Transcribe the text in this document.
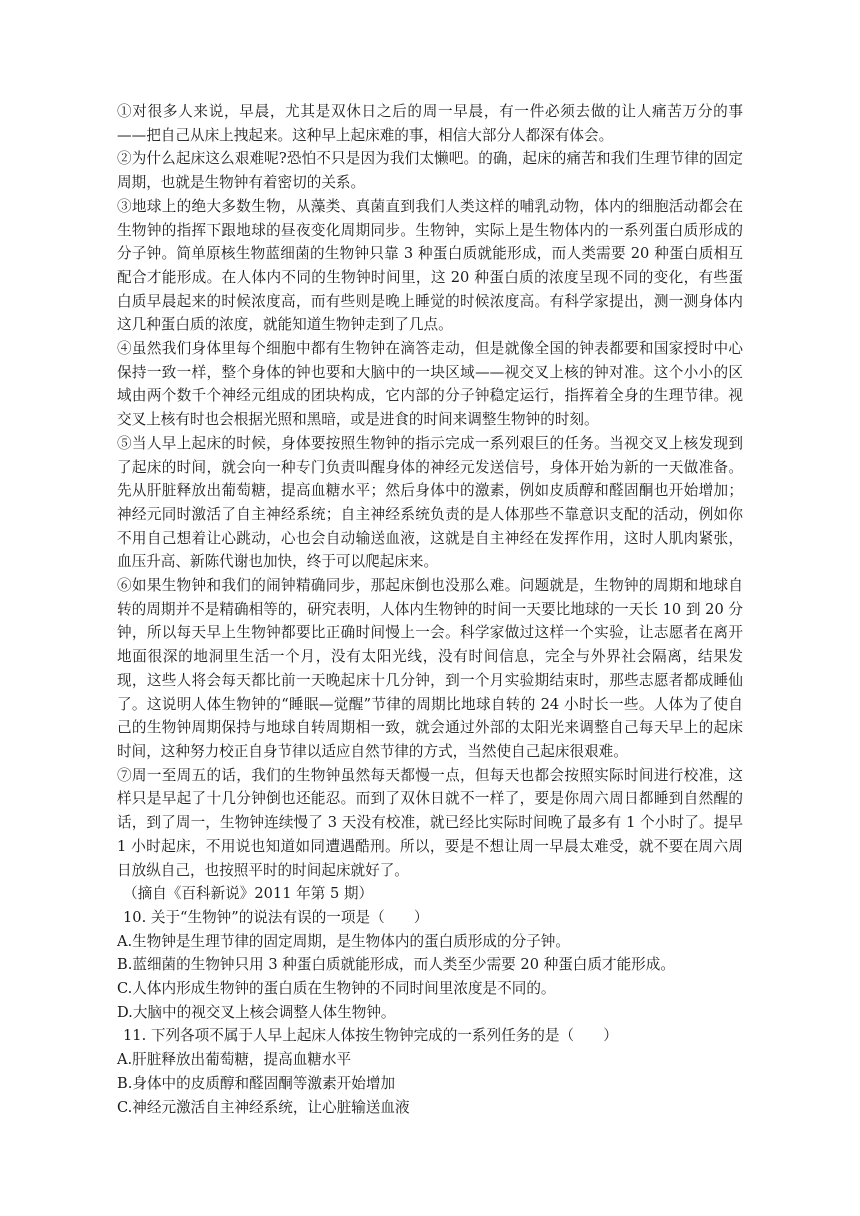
①对很多人来说，早晨，尤其是双休日之后的周一早晨，有一件必须去做的让人痛苦万分的事——把自己从床上拽起来。这种早上起床难的事，相信大部分人都深有体会。

②为什么起床这么艰难呢?恐怕不只是因为我们太懒吧。的确，起床的痛苦和我们生理节律的固定周期，也就是生物钟有着密切的关系。

③地球上的绝大多数生物，从藻类、真菌直到我们人类这样的哺乳动物，体内的细胞活动都会在生物钟的指挥下跟地球的昼夜变化周期同步。生物钟，实际上是生物体内的一系列蛋白质形成的分子钟。简单原核生物蓝细菌的生物钟只靠 3 种蛋白质就能形成，而人类需要 20 种蛋白质相互配合才能形成。在人体内不同的生物钟时间里，这 20 种蛋白质的浓度呈现不同的变化，有些蛋白质早晨起来的时候浓度高，而有些则是晚上睡觉的时候浓度高。有科学家提出，测一测身体内这几种蛋白质的浓度，就能知道生物钟走到了几点。

④虽然我们身体里每个细胞中都有生物钟在滴答走动，但是就像全国的钟表都要和国家授时中心保持一致一样，整个身体的钟也要和大脑中的一块区域——视交叉上核的钟对准。这个小小的区域由两个数千个神经元组成的团块构成，它内部的分子钟稳定运行，指挥着全身的生理节律。视交叉上核有时也会根据光照和黑暗，或是进食的时间来调整生物钟的时刻。

⑤当人早上起床的时候，身体要按照生物钟的指示完成一系列艰巨的任务。当视交叉上核发现到了起床的时间，就会向一种专门负责叫醒身体的神经元发送信号，身体开始为新的一天做准备。先从肝脏释放出葡萄糖，提高血糖水平；然后身体中的激素，例如皮质醇和醛固酮也开始增加；神经元同时激活了自主神经系统；自主神经系统负责的是人体那些不靠意识支配的活动，例如你不用自己想着让心跳动，心也会自动输送血液，这就是自主神经在发挥作用，这时人肌肉紧张，血压升高、新陈代谢也加快，终于可以爬起床来。

⑥如果生物钟和我们的闹钟精确同步，那起床倒也没那么难。问题就是，生物钟的周期和地球自转的周期并不是精确相等的，研究表明，人体内生物钟的时间一天要比地球的一天长 10 到 20 分钟，所以每天早上生物钟都要比正确时间慢上一会。科学家做过这样一个实验，让志愿者在离开地面很深的地洞里生活一个月，没有太阳光线，没有时间信息，完全与外界社会隔离，结果发现，这些人将会每天都比前一天晚起床十几分钟，到一个月实验期结束时，那些志愿者都成睡仙了。这说明人体生物钟的“睡眠—觉醒”节律的周期比地球自转的 24 小时长一些。人体为了使自己的生物钟周期保持与地球自转周期相一致，就会通过外部的太阳光来调整自己每天早上的起床时间，这种努力校正自身节律以适应自然节律的方式，当然使自己起床很艰难。

⑦周一至周五的话，我们的生物钟虽然每天都慢一点，但每天也都会按照实际时间进行校准，这样只是早起了十几分钟倒也还能忍。而到了双休日就不一样了，要是你周六周日都睡到自然醒的话，到了周一，生物钟连续慢了 3 天没有校准，就已经比实际时间晚了最多有 1 个小时了。提早 1 小时起床，不用说也知道如同遭遇酷刑。所以，要是不想让周一早晨太难受，就不要在周六周日放纵自己，也按照平时的时间起床就好了。

（摘自《百科新说》2011 年第 5 期）

10. 关于“生物钟”的说法有误的一项是（　　）

A.生物钟是生理节律的固定周期，是生物体内的蛋白质形成的分子钟。

B.蓝细菌的生物钟只用 3 种蛋白质就能形成，而人类至少需要 20 种蛋白质才能形成。

C.人体内形成生物钟的蛋白质在生物钟的不同时间里浓度是不同的。

D.大脑中的视交叉上核会调整人体生物钟。

11. 下列各项不属于人早上起床人体按生物钟完成的一系列任务的是（　　）

A.肝脏释放出葡萄糖，提高血糖水平

B.身体中的皮质醇和醛固酮等激素开始增加

C.神经元激活自主神经系统，让心脏输送血液
